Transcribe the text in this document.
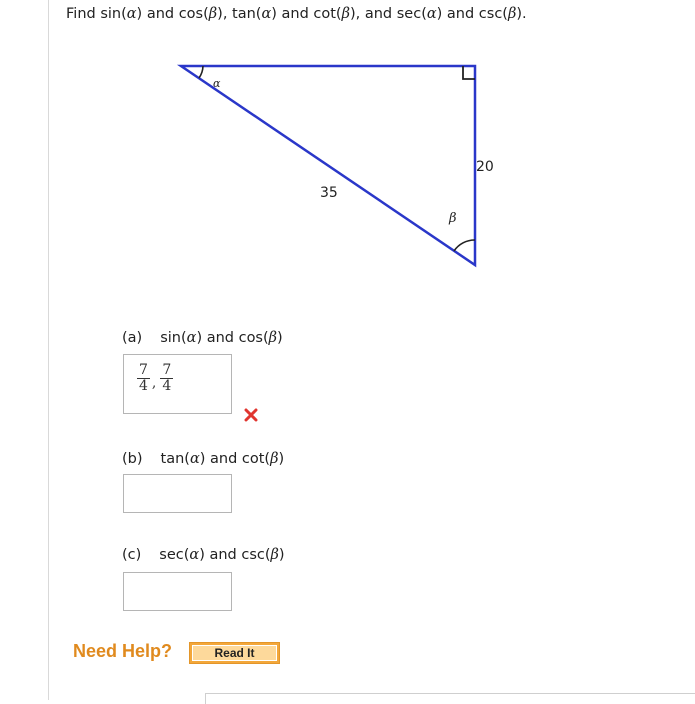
Find sin(α) and cos(β), tan(α) and cot(β), and sec(α) and csc(β).
α
β
35
20
(a) sin(α) and cos(β)
$\frac{7}{4}$ , $\frac{7}{4}$
(b) tan(α) and cot(β)
(c) sec(α) and csc(β)
Need Help?	Read It
